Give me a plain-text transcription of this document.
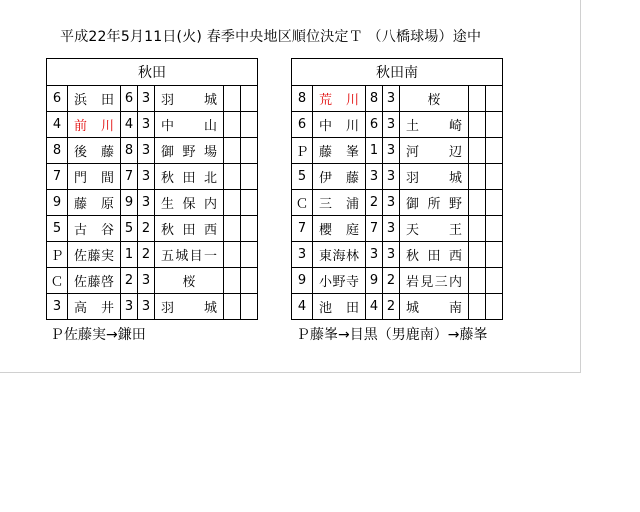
平成22年5月11日(火) 春季中央地区順位決定Ｔ （八橋球場）途中
秋田						
6	浜　田	6	3	羽　城		

4	前　川	4	3	中　山		

8	後　藤	8	3	御野場		

7	門　間	7	3	秋田北		

9	藤　原	9	3	生保内		

5	古　谷	5	2	秋田西		

Ｐ	佐藤実	1	2	五城目一		

Ｃ	佐藤啓	2	3	桜		

3	高　井	3	3	羽　城		

秋田南						
8	荒　川	8	3	桜		

6	中　川	6	3	土　崎		

Ｐ	藤　峯	1	3	河　辺		

5	伊　藤	3	3	羽　城		

Ｃ	三　浦	2	3	御所野		

7	櫻　庭	7	3	天　王		

3	東海林	3	3	秋田西		

9	小野寺	9	2	岩見三内		

4	池　田	4	2	城　南		

Ｐ佐藤実→鎌田	Ｐ藤峯→目黒（男鹿南）→藤峯
